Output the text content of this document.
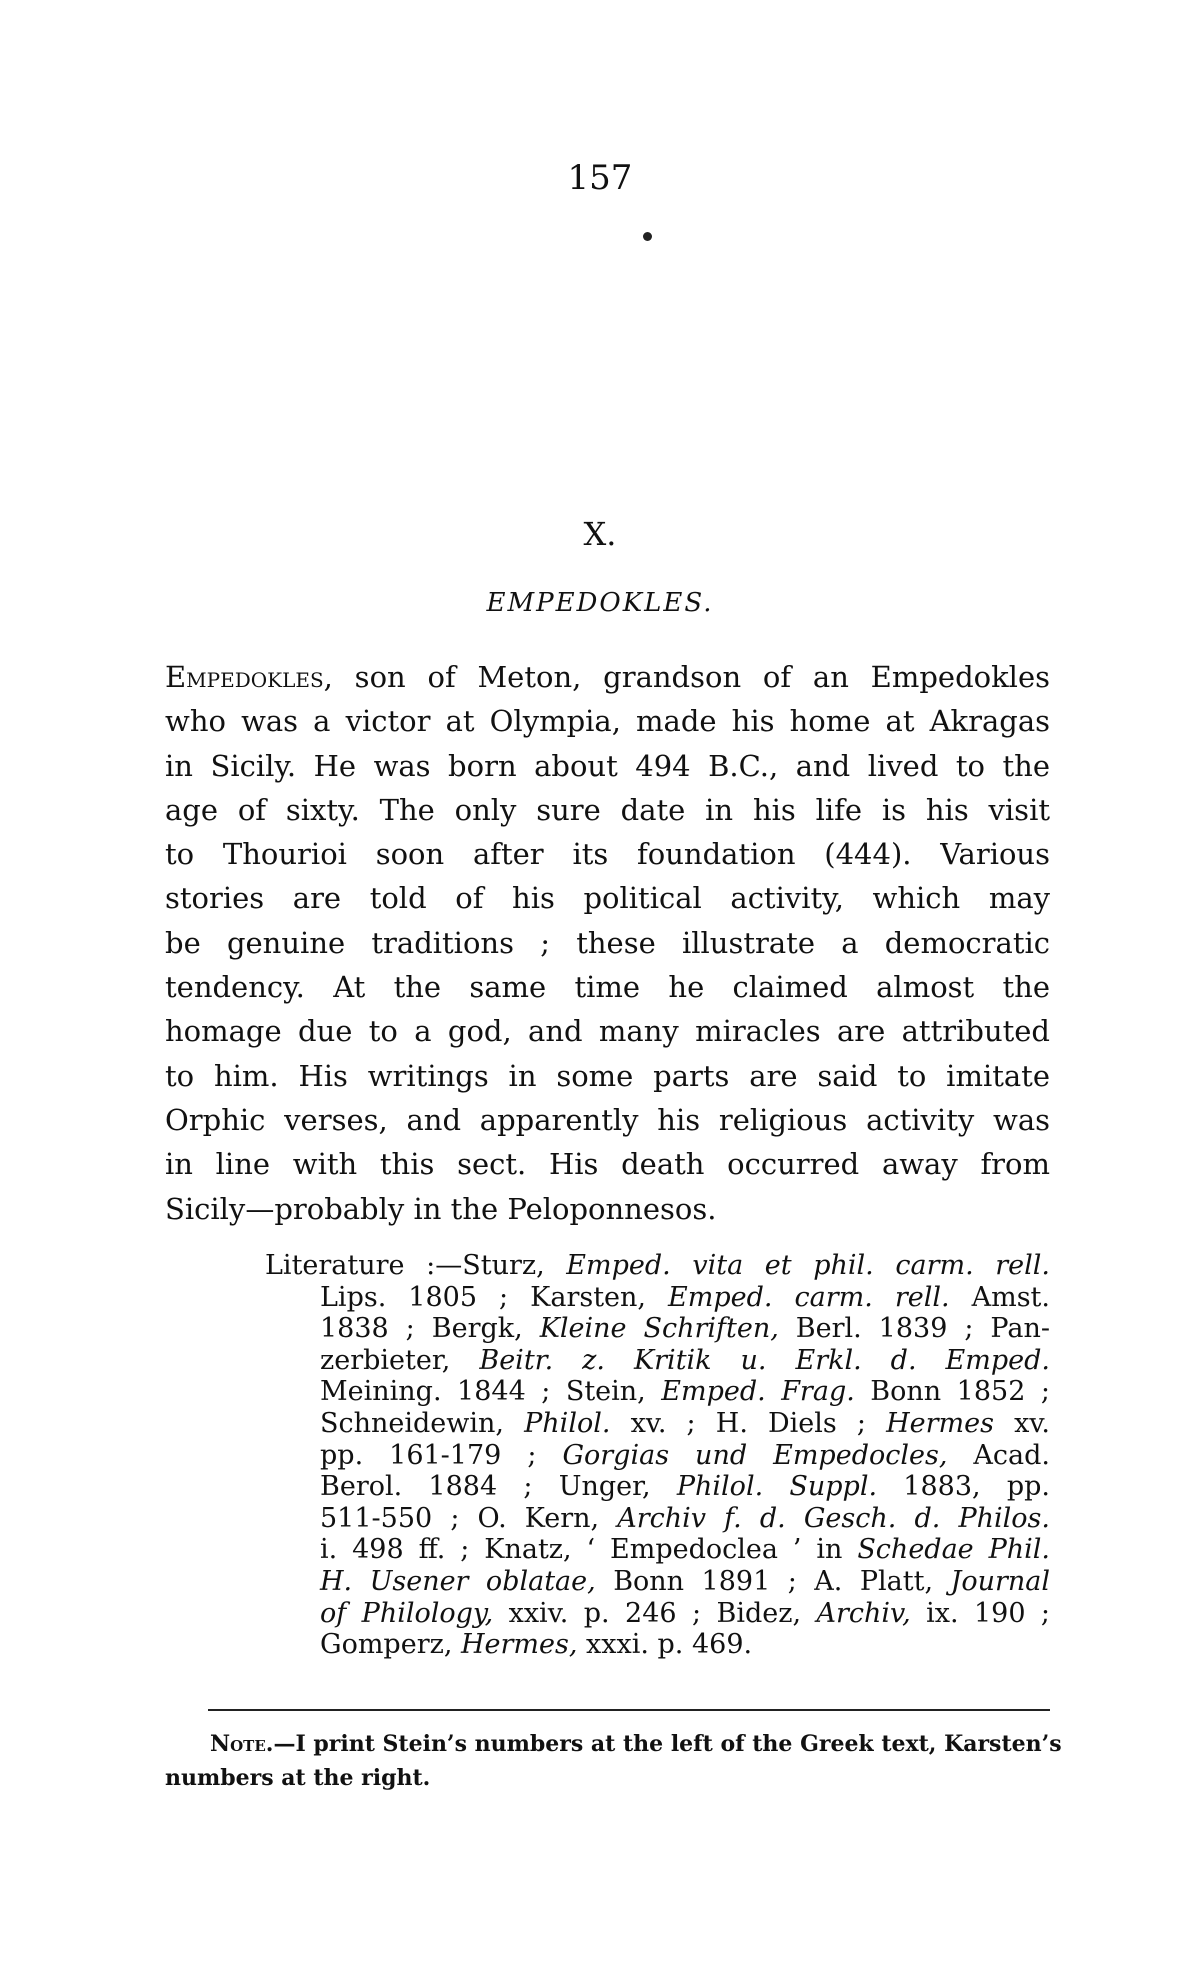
157
X.
EMPEDOKLES.
Empedokles, son of Meton, grandson of an Empedokles
who was a victor at Olympia, made his home at Akragas
in Sicily. He was born about 494 B.C., and lived to the
age of sixty. The only sure date in his life is his visit
to Thourioi soon after its foundation (444). Various
stories are told of his political activity, which may
be genuine traditions ; these illustrate a democratic
tendency. At the same time he claimed almost the
homage due to a god, and many miracles are attributed
to him. His writings in some parts are said to imitate
Orphic verses, and apparently his religious activity was
in line with this sect. His death occurred away from
Sicily—probably in the Peloponnesos.
Literature :—Sturz, Emped. vita et phil. carm. rell.
Lips. 1805 ; Karsten, Emped. carm. rell. Amst.
1838 ; Bergk, Kleine Schriften, Berl. 1839 ; Pan-
zerbieter, Beitr. z. Kritik u. Erkl. d. Emped.
Meining. 1844 ; Stein, Emped. Frag. Bonn 1852 ;
Schneidewin, Philol. xv. ; H. Diels ; Hermes xv.
pp. 161-179 ; Gorgias und Empedocles, Acad.
Berol. 1884 ; Unger, Philol. Suppl. 1883, pp.
511-550 ; O. Kern, Archiv f. d. Gesch. d. Philos.
i. 498 ff. ; Knatz, ‘ Empedoclea ’ in Schedae Phil.
H. Usener oblatae, Bonn 1891 ; A. Platt, Journal
of Philology, xxiv. p. 246 ; Bidez, Archiv, ix. 190 ;
Gomperz, Hermes, xxxi. p. 469.
Note.—I print Stein’s numbers at the left of the Greek text, Karsten’s
numbers at the right.
